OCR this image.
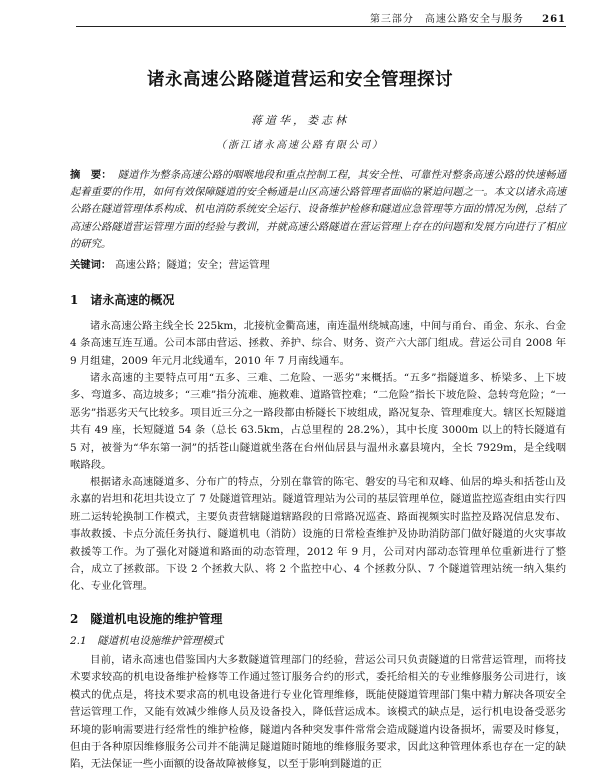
第三部分　高速公路安全与服务 261
诸永高速公路隧道营运和安全管理探讨
蒋道华，娄志林
（浙江诸永高速公路有限公司）
摘　要： 隧道作为整条高速公路的咽喉地段和重点控制工程，其安全性、可靠性对整条高速公路的快速畅通起着重要的作用，如何有效保障隧道的安全畅通是山区高速公路管理者面临的紧迫问题之一。本文以诸永高速公路在隧道管理体系构成、机电消防系统安全运行、设备维护检修和隧道应急管理等方面的情况为例，总结了高速公路隧道营运管理方面的经验与教训，并就高速公路隧道在营运管理上存在的问题和发展方向进行了相应的研究。
关键词： 高速公路；隧道；安全；营运管理
1　诸永高速的概况

诸永高速公路主线全长 225km，北接杭金衢高速，南连温州绕城高速，中间与甬台、甬金、东永、台金 4 条高速互连互通。公司本部由营运、拯救、养护、综合、财务、资产六大部门组成。营运公司自 2008 年 9 月组建，2009 年元月北线通车，2010 年 7 月南线通车。

诸永高速的主要特点可用“五多、三难、二危险、一恶劣”来概括。“五多”指隧道多、桥梁多、上下坡多、弯道多、高边坡多；“三难”指分流难、施救难、道路管控难；“二危险”指长下坡危险、急转弯危险；“一恶劣”指恶劣天气比较多。项目近三分之一路段都由桥隧长下坡组成，路况复杂、管理难度大。辖区长短隧道共有 49 座，长短隧道 54 条（总长 63.5km，占总里程的 28.2%），其中长度 3000m 以上的特长隧道有 5 对，被誉为“华东第一洞”的括苍山隧道就坐落在台州仙居县与温州永嘉县境内，全长 7929m，是全线咽喉路段。

根据诸永高速隧道多、分布广的特点，分别在靠管的陈宅、磐安的马宅和双峰、仙居的埠头和括苍山及永嘉的岩坦和花坦共设立了 7 处隧道管理站。隧道管理站为公司的基层管理单位，隧道监控巡查组由实行四班二运转轮换制工作模式，主要负责营辖隧道辖路段的日常路况巡查、路面视频实时监控及路况信息发布、事故救援、卡点分流任务执行、隧道机电（消防）设施的日常检查维护及协助消防部门做好隧道的火灾事故救援等工作。为了强化对隧道和路面的动态管理，2012 年 9 月，公司对内部动态管理单位重新进行了整合，成立了拯救部。下设 2 个拯救大队、将 2 个监控中心、4 个拯救分队、7 个隧道管理站统一纳入集约化、专业化管理。

2　隧道机电设施的维护管理
2.1　隧道机电设施维护管理模式

目前，诸永高速也借鉴国内大多数隧道管理部门的经验，营运公司只负责隧道的日常营运管理，而将技术要求较高的机电设备维护检修等工作通过签订服务合约的形式，委托给相关的专业维修服务公司进行，该模式的优点是，将技术要求高的机电设备进行专业化管理维修，既能使隧道管理部门集中精力解决各项安全营运管理工作，又能有效减少维修人员及设备投入，降低营运成本。该模式的缺点是，运行机电设备受恶劣环境的影响需要进行经常性的维护检修，隧道内各种突发事件常常会造成隧道内设备损坏，需要及时修复，但由于各种原因维修服务公司并不能满足隧道随时随地的维修服务要求，因此这种管理体系也存在一定的缺陷，无法保证一些小面额的设备故障被修复，以至于影响到隧道的正
